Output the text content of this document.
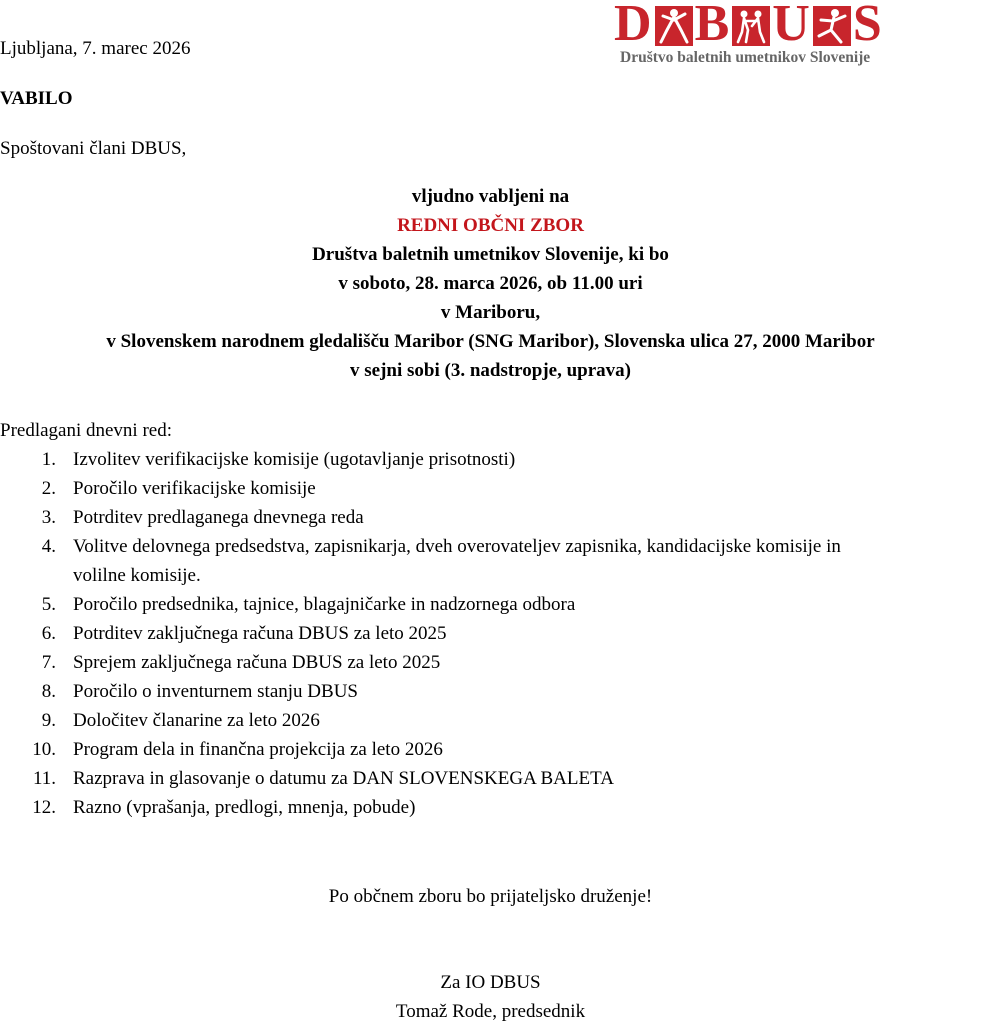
D B U S
Društvo baletnih umetnikov Slovenije
Ljubljana, 7. marec 2026
VABILO
Spoštovani člani DBUS,
vljudno vabljeni na
REDNI OBČNI ZBOR
Društva baletnih umetnikov Slovenije, ki bo
v soboto, 28. marca 2026, ob 11.00 uri
v Mariboru,
v Slovenskem narodnem gledališču Maribor (SNG Maribor), Slovenska ulica 27, 2000 Maribor
v sejni sobi (3. nadstropje, uprava)
Predlagani dnevni red:
1. Izvolitev verifikacijske komisije (ugotavljanje prisotnosti)
2. Poročilo verifikacijske komisije
3. Potrditev predlaganega dnevnega reda
4. Volitve delovnega predsedstva, zapisnikarja, dveh overovateljev zapisnika, kandidacijske komisije in
volilne komisije.
5. Poročilo predsednika, tajnice, blagajničarke in nadzornega odbora
6. Potrditev zaključnega računa DBUS za leto 2025
7. Sprejem zaključnega računa DBUS za leto 2025
8. Poročilo o inventurnem stanju DBUS
9. Določitev članarine za leto 2026
10. Program dela in finančna projekcija za leto 2026
11. Razprava in glasovanje o datumu za DAN SLOVENSKEGA BALETA
12. Razno (vprašanja, predlogi, mnenja, pobude)
Po občnem zboru bo prijateljsko druženje!
Za IO DBUS
Tomaž Rode, predsednik
